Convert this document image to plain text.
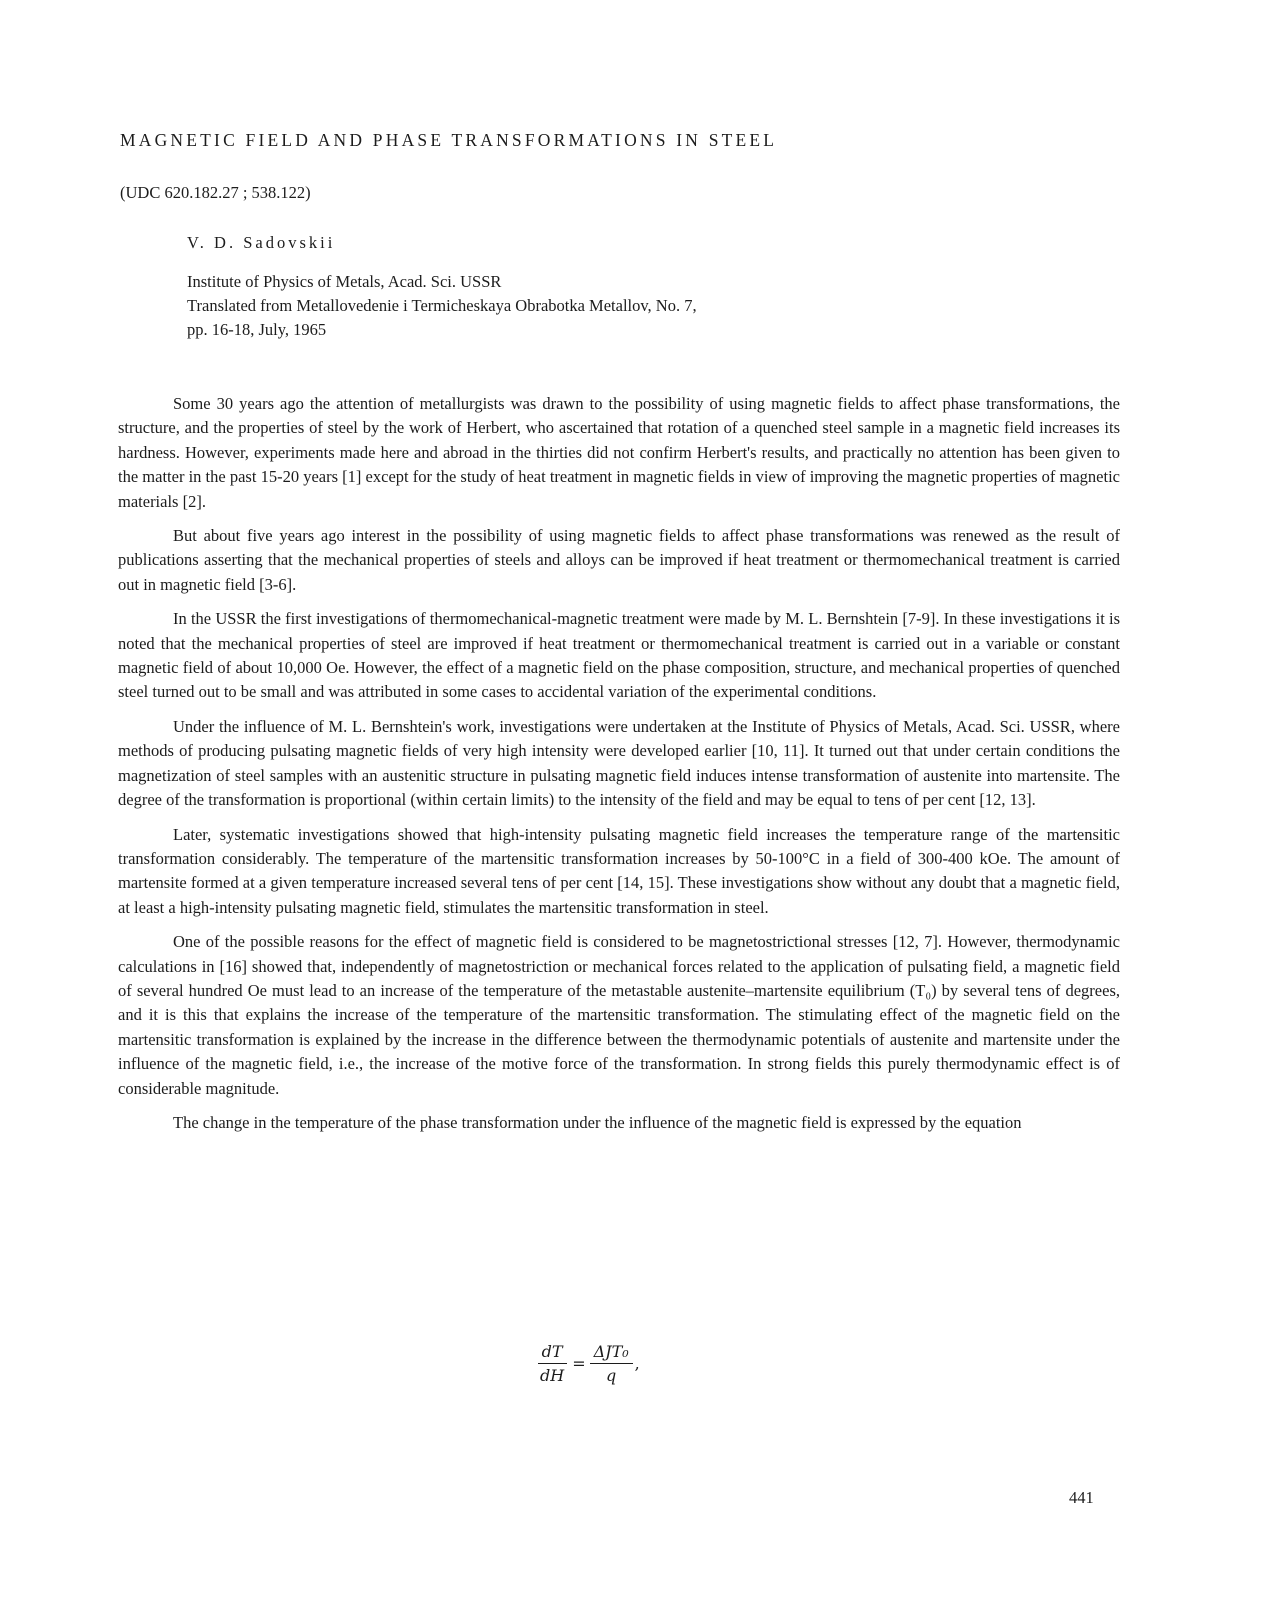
MAGNETIC FIELD AND PHASE TRANSFORMATIONS IN STEEL
(UDC 620.182.27 ; 538.122)
V. D. Sadovskii
Institute of Physics of Metals, Acad. Sci. USSR
Translated from Metallovedenie i Termicheskaya Obrabotka Metallov, No. 7,
pp. 16-18, July, 1965

Some 30 years ago the attention of metallurgists was drawn to the possibility of using magnetic fields to affect phase transformations, the structure, and the properties of steel by the work of Herbert, who ascertained that rotation of a quenched steel sample in a magnetic field increases its hardness. However, experiments made here and abroad in the thirties did not confirm Herbert's results, and practically no attention has been given to the matter in the past 15-20 years [1] except for the study of heat treatment in magnetic fields in view of improving the magnetic properties of magnetic materials [2].

But about five years ago interest in the possibility of using magnetic fields to affect phase transformations was renewed as the result of publications asserting that the mechanical properties of steels and alloys can be improved if heat treatment or thermomechanical treatment is carried out in magnetic field [3-6].

In the USSR the first investigations of thermomechanical-magnetic treatment were made by M. L. Bernshtein [7-9]. In these investigations it is noted that the mechanical properties of steel are improved if heat treatment or thermomechanical treatment is carried out in a variable or constant magnetic field of about 10,000 Oe. However, the effect of a magnetic field on the phase composition, structure, and mechanical properties of quenched steel turned out to be small and was attributed in some cases to accidental variation of the experimental conditions.

Under the influence of M. L. Bernshtein's work, investigations were undertaken at the Institute of Physics of Metals, Acad. Sci. USSR, where methods of producing pulsating magnetic fields of very high intensity were developed earlier [10, 11]. It turned out that under certain conditions the magnetization of steel samples with an austenitic structure in pulsating magnetic field induces intense transformation of austenite into martensite. The degree of the transformation is proportional (within certain limits) to the intensity of the field and may be equal to tens of per cent [12, 13].

Later, systematic investigations showed that high-intensity pulsating magnetic field increases the temperature range of the martensitic transformation considerably. The temperature of the martensitic transformation increases by 50-100°C in a field of 300-400 kOe. The amount of martensite formed at a given temperature increased several tens of per cent [14, 15]. These investigations show without any doubt that a magnetic field, at least a high-intensity pulsating magnetic field, stimulates the martensitic transformation in steel.

One of the possible reasons for the effect of magnetic field is considered to be magnetostrictional stresses [12, 7]. However, thermodynamic calculations in [16] showed that, independently of magnetostriction or mechanical forces related to the application of pulsating field, a magnetic field of several hundred Oe must lead to an increase of the temperature of the metastable austenite–martensite equilibrium (T₀) by several tens of degrees, and it is this that explains the increase of the temperature of the martensitic transformation. The stimulating effect of the magnetic field on the martensitic transformation is explained by the increase in the difference between the thermodynamic potentials of austenite and martensite under the influence of the magnetic field, i.e., the increase of the motive force of the transformation. In strong fields this purely thermodynamic effect is of considerable magnitude.

The change in the temperature of the phase transformation under the influence of the magnetic field is expressed by the equation

$\frac{dT}{dH} = \frac{\text{ΔJT₀}}{q}$ ,
441
